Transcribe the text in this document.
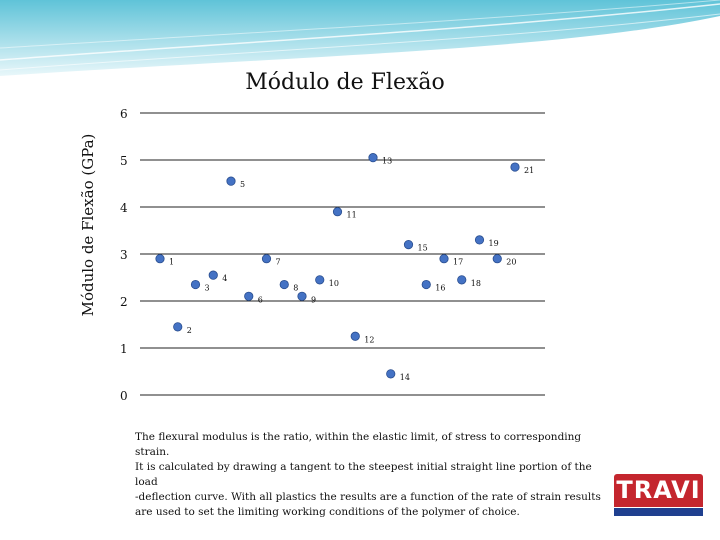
Módulo de Flexão
Módulo de Flexão (GPa)
0
1
2
3
4
5
6
1
2
3
4
5
6
7
8
9
10
11
12
13
14
15
16
17
18
19
20
21

The flexural modulus is the ratio, within the elastic limit, of stress to corresponding strain.

It is calculated by drawing a tangent to the steepest initial straight line portion of the load

-deflection curve. With all plastics the results are a function of the rate of strain results

are used to set the limiting working conditions of the polymer of choice.

TRAVI
